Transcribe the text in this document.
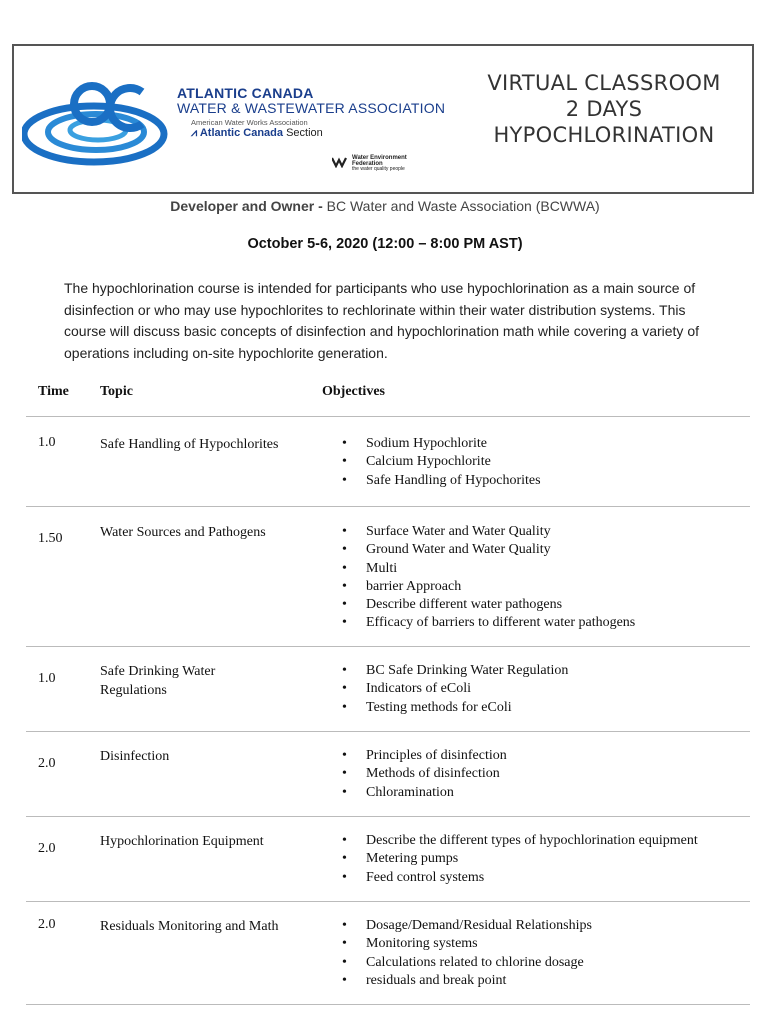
ATLANTIC CANADA
WATER & WASTEWATER ASSOCIATION
American Water Works Association
⩘ Atlantic Canada Section
Water Environment
Federation
the water quality people
VIRTUAL CLASSROOM
2 DAYS
HYPOCHLORINATION
Developer and Owner - BC Water and Waste Association (BCWWA)
October 5-6, 2020 (12:00 – 8:00 PM AST)
The hypochlorination course is intended for participants who use hypochlorination as a main source of disinfection or who may use hypochlorites to rechlorinate within their water distribution systems. This course will discuss basic concepts of disinfection and hypochlorination math while covering a variety of operations including on-site hypochlorite generation.
Time Topic	Objectives
1.0	Safe Handling of Hypochlorites	• Sodium Hypochlorite
• Calcium Hypochlorite
• Safe Handling of Hypochorites
1.50	Water Sources and Pathogens	• Surface Water and Water Quality
• Ground Water and Water Quality
• Multi
• barrier Approach
• Describe different water pathogens
• Efficacy of barriers to different water pathogens
1.0	Safe Drinking Water Regulations
• BC Safe Drinking Water Regulation
• Indicators of eColi
• Testing methods for eColi
2.0	Disinfection	• Principles of disinfection
• Methods of disinfection
• Chloramination
2.0	Hypochlorination Equipment	• Describe the different types of hypochlorination equipment
• Metering pumps
• Feed control systems
2.0	Residuals Monitoring and Math	• Dosage/Demand/Residual Relationships
• Monitoring systems
• Calculations related to chlorine dosage
• residuals and break point
